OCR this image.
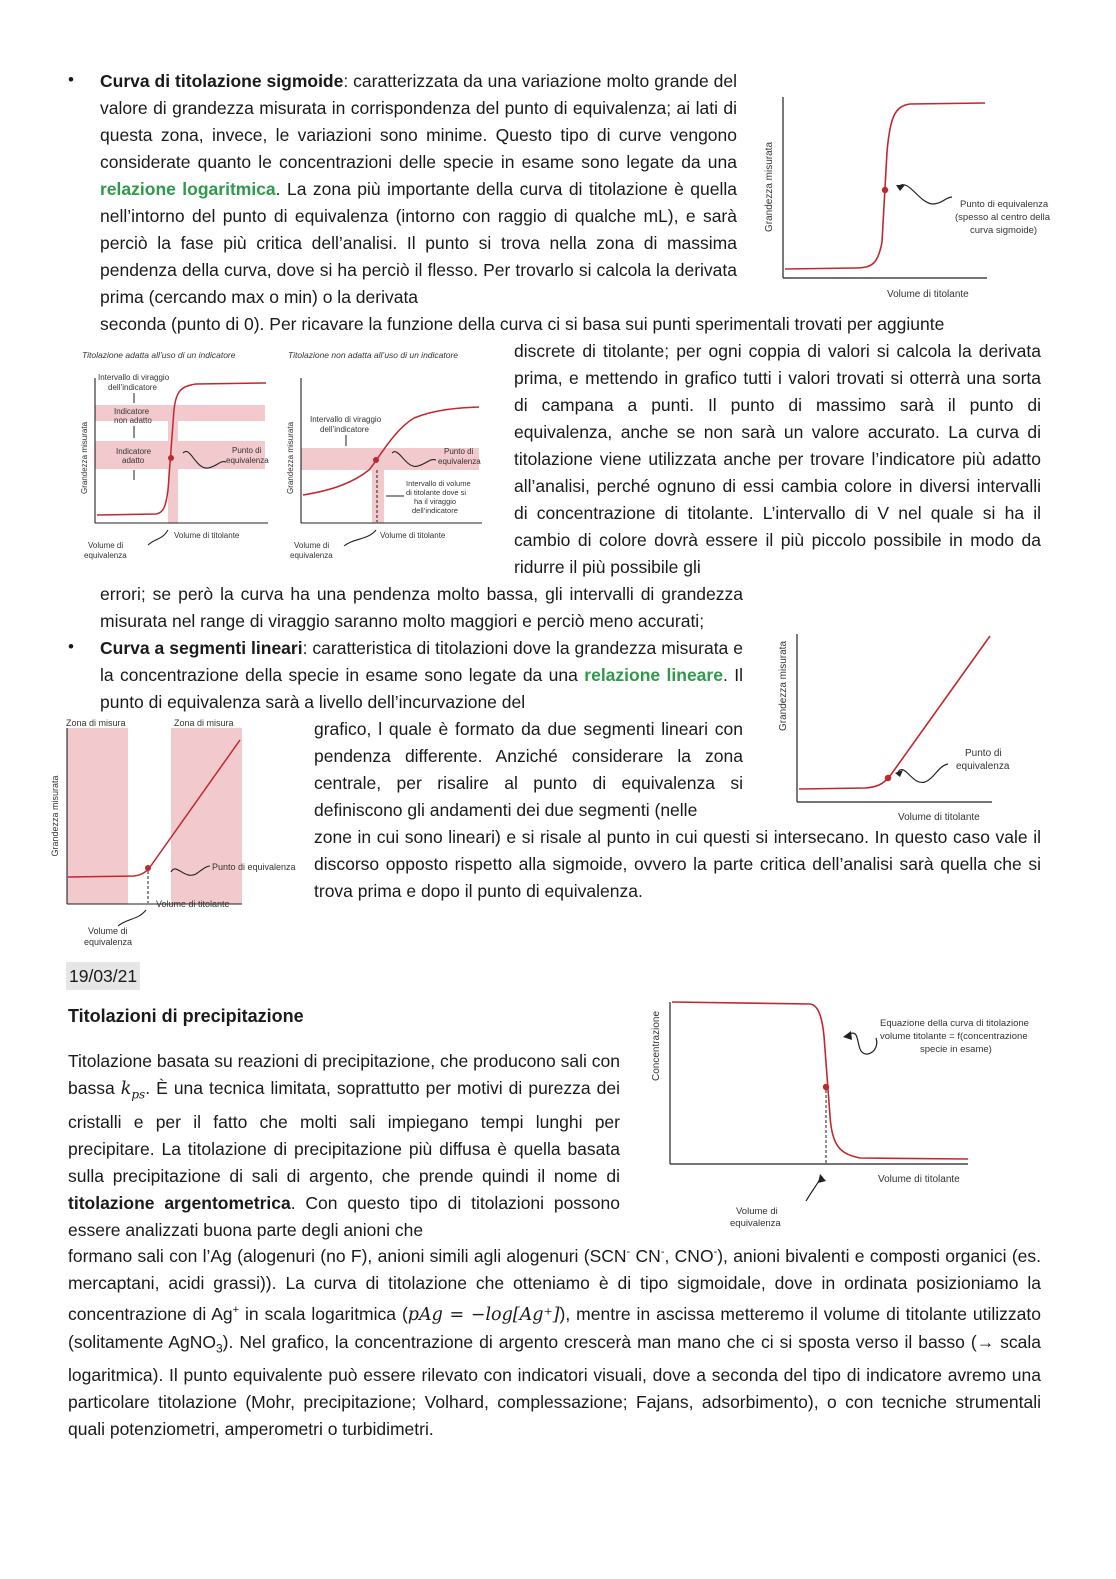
• Curva di titolazione sigmoide: caratterizzata da una variazione molto grande del valore di grandezza misurata in corrispondenza del punto di equivalenza; ai lati di questa zona, invece, le variazioni sono minime. Questo tipo di curve vengono considerate quanto le concentrazioni delle specie in esame sono legate da una relazione logaritmica. La zona più importante della curva di titolazione è quella nell’intorno del punto di equivalenza (intorno con raggio di qualche mL), e sarà perciò la fase più critica dell’analisi. Il punto si trova nella zona di massima pendenza della curva, dove si ha perciò il flesso. Per trovarlo si calcola la derivata prima (cercando max o min) o la derivata
seconda (punto di 0). Per ricavare la funzione della curva ci si basa sui punti sperimentali trovati per aggiunte
discrete di titolante; per ogni coppia di valori si calcola la derivata prima, e mettendo in grafico tutti i valori trovati si otterrà una sorta di campana a punti. Il punto di massimo sarà il punto di equivalenza, anche se non sarà un valore accurato. La curva di titolazione viene utilizzata anche per trovare l’indicatore più adatto all’analisi, perché ognuno di essi cambia colore in diversi intervalli di concentrazione di titolante. L’intervallo di V nel quale si ha il cambio di colore dovrà essere il più piccolo possibile in modo da ridurre il più possibile gli
errori; se però la curva ha una pendenza molto bassa, gli intervalli di grandezza misurata nel range di viraggio saranno molto maggiori e perciò meno accurati;
Grandezza misurata
Volume di titolante
Punto di equivalenza
(spesso al centro della
curva sigmoide)
Titolazione adatta all’uso di un indicatore
Grandezza misurata
Intervallo di viraggio
dell’indicatore
Indicatore
non adatto
Indicatore
adatto
Punto di
equivalenza
Volume di titolante
Volume di
equivalenza
Titolazione non adatta all’uso di un indicatore
Grandezza misurata
Intervallo di viraggio
dell’indicatore
Punto di
equivalenza
Intervallo di volume
di titolante dove si
ha il viraggio
dell’indicatore
Volume di titolante
Volume di
equivalenza
• Curva a segmenti lineari: caratteristica di titolazioni dove la grandezza misurata e la concentrazione della specie in esame sono legate da una relazione lineare. Il punto di equivalenza sarà a livello dell’incurvazione del
grafico, l quale è formato da due segmenti lineari con pendenza differente. Anziché considerare la zona centrale, per risalire al punto di equivalenza si definiscono gli andamenti dei due segmenti (nelle
zone in cui sono lineari) e si risale al punto in cui questi si intersecano. In questo caso vale il discorso opposto rispetto alla sigmoide, ovvero la parte critica dell’analisi sarà quella che si trova prima e dopo il punto di equivalenza.
Grandezza misurata
Volume di titolante
Punto di
equivalenza
Zona di misura	Zona di misura
Grandezza misurata
Punto di equivalenza
Volume di titolante
Volume di
equivalenza
19/03/21
Titolazioni di precipitazione
Titolazione basata su reazioni di precipitazione, che producono sali con bassa $k_{ps}$. È una tecnica limitata, soprattutto per motivi di purezza dei cristalli e per il fatto che molti sali impiegano tempi lunghi per precipitare. La titolazione di precipitazione più diffusa è quella basata sulla precipitazione di sali di argento, che prende quindi il nome di titolazione argentometrica. Con questo tipo di titolazioni possono essere analizzati buona parte degli anioni che
formano sali con l’Ag (alogenuri (no F), anioni simili agli alogenuri (SCN- CN-, CNO-), anioni bivalenti e composti organici (es. mercaptani, acidi grassi)). La curva di titolazione che otteniamo è di tipo sigmoidale, dove in ordinata posizioniamo la concentrazione di Ag+ in scala logaritmica (pAg = −log[Ag⁺]), mentre in ascissa metteremo il volume di titolante utilizzato (solitamente AgNO$_3$). Nel grafico, la concentrazione di argento crescerà man mano che ci si sposta verso il basso (→ scala logaritmica). Il punto equivalente può essere rilevato con indicatori visuali, dove a seconda del tipo di indicatore avremo una particolare titolazione (Mohr, precipitazione; Volhard, complessazione; Fajans, adsorbimento), o con tecniche strumentali quali potenziometri, amperometri o turbidimetri.
Concentrazione	Equazione della curva di titolazione
volume titolante = f(concentrazione
specie in esame)
Volume di titolante
Volume di
equivalenza
